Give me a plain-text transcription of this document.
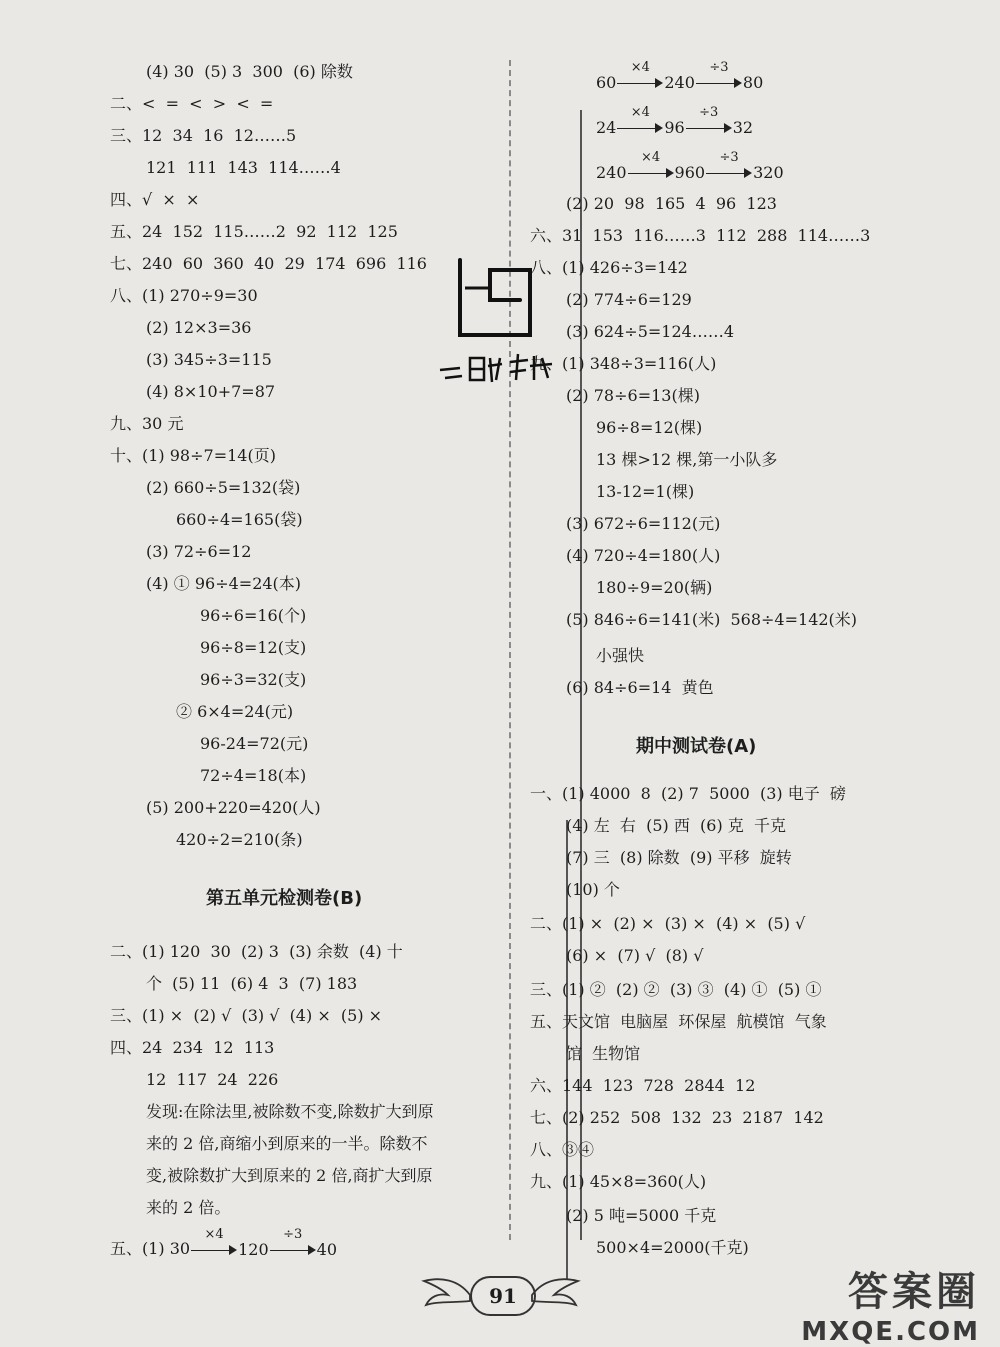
(4) 30  (5) 3  300  (6) 除数
二、<  =  <  >  <  =
三、12  34  16  12……5
121  111  143  114……4
四、√  ×  ×
五、24  152  115……2  92  112  125
七、240  60  360  40  29  174  696  116
八、(1) 270÷9=30
(2) 12×3=36
(3) 345÷3=115
(4) 8×10+7=87
九、30 元
十、(1) 98÷7=14(页)
(2) 660÷5=132(袋)
660÷4=165(袋)
(3) 72÷6=12
(4) ① 96÷4=24(本)
96÷6=16(个)
96÷8=12(支)
96÷3=32(支)
② 6×4=24(元)
96-24=72(元)
72÷4=18(本)
(5) 200+220=420(人)
420÷2=210(条)
二、(1) 120  30  (2) 3  (3) 余数  (4) 十
个  (5) 11  (6) 4  3  (7) 183
三、(1) ×  (2) √  (3) √  (4) ×  (5) ×
四、24  234  12  113
12  117  24  226
发现:在除法里,被除数不变,除数扩大到原
来的 2 倍,商缩小到原来的一半。除数不
变,被除数扩大到原来的 2 倍,商扩大到原
来的 2 倍。
第五单元检测卷(B)
五、(1) 30
×4
120
÷3
40
60
×4
240
÷3
80
24
×4
96
÷3
32
240
×4
960
÷3
320
(2) 20  98  165  4  96  123
六、31  153  116……3  112  288  114……3
八、(1) 426÷3=142
(2) 774÷6=129
(3) 624÷5=124……4
九、(1) 348÷3=116(人)
(2) 78÷6=13(棵)
96÷8=12(棵)
13 棵>12 棵,第一小队多
13-12=1(棵)
(3) 672÷6=112(元)
(4) 720÷4=180(人)
180÷9=20(辆)
(5) 846÷6=141(米)  568÷4=142(米)
小强快
(6) 84÷6=14  黄色
一、(1) 4000  8  (2) 7  5000  (3) 电子  磅
(4) 左  右  (5) 西  (6) 克  千克
(7) 三  (8) 除数  (9) 平移  旋转
(10) 个
二、(1) ×  (2) ×  (3) ×  (4) ×  (5) √
(6) ×  (7) √  (8) √
三、(1) ②  (2) ②  (3) ③  (4) ①  (5) ①
五、天文馆  电脑屋  环保屋  航模馆  气象
馆  生物馆
六、144  123  728  2844  12
七、(2) 252  508  132  23  2187  142
八、③④
九、(1) 45×8=360(人)
(2) 5 吨=5000 千克
500×4=2000(千克)
期中测试卷(A)
91	答案圈
MXQE.COM
